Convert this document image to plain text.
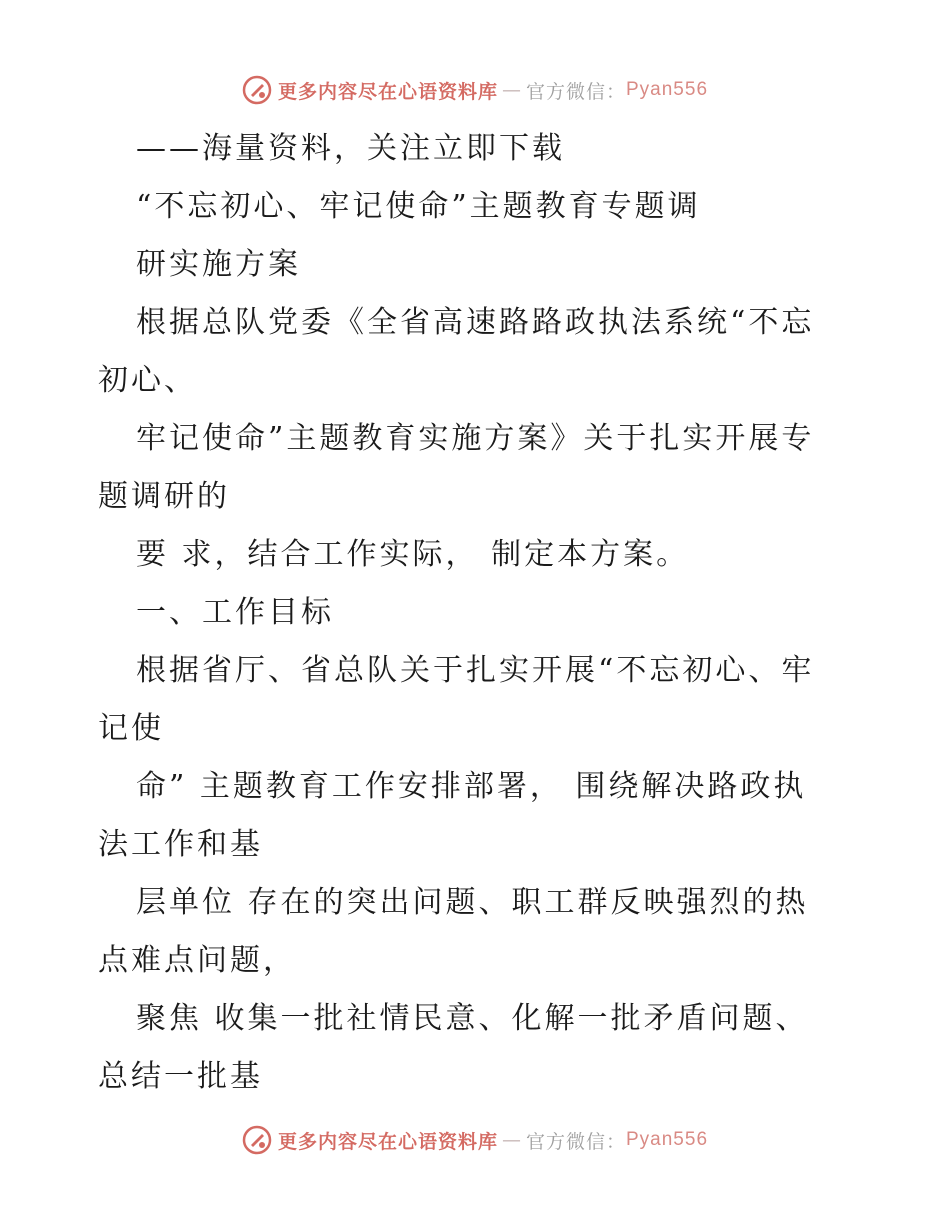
更多内容尽在心语资料库 — 官方微信： Pyan556
——海量资料，关注立即下载
“不忘初心、牢记使命”主题教育专题调
研实施方案
根据总队党委《全省高速路路政执法系统“不忘
初心、
牢记使命”主题教育实施方案》关于扎实开展专
题调研的
要 求，结合工作实际， 制定本方案。
一、工作目标
根据省厅、省总队关于扎实开展“不忘初心、牢
记使
命” 主题教育工作安排部署， 围绕解决路政执
法工作和基
层单位 存在的突出问题、职工群反映强烈的热
点难点问题，
聚焦 收集一批社情民意、化解一批矛盾问题、
总结一批基
更多内容尽在心语资料库 — 官方微信： Pyan556
